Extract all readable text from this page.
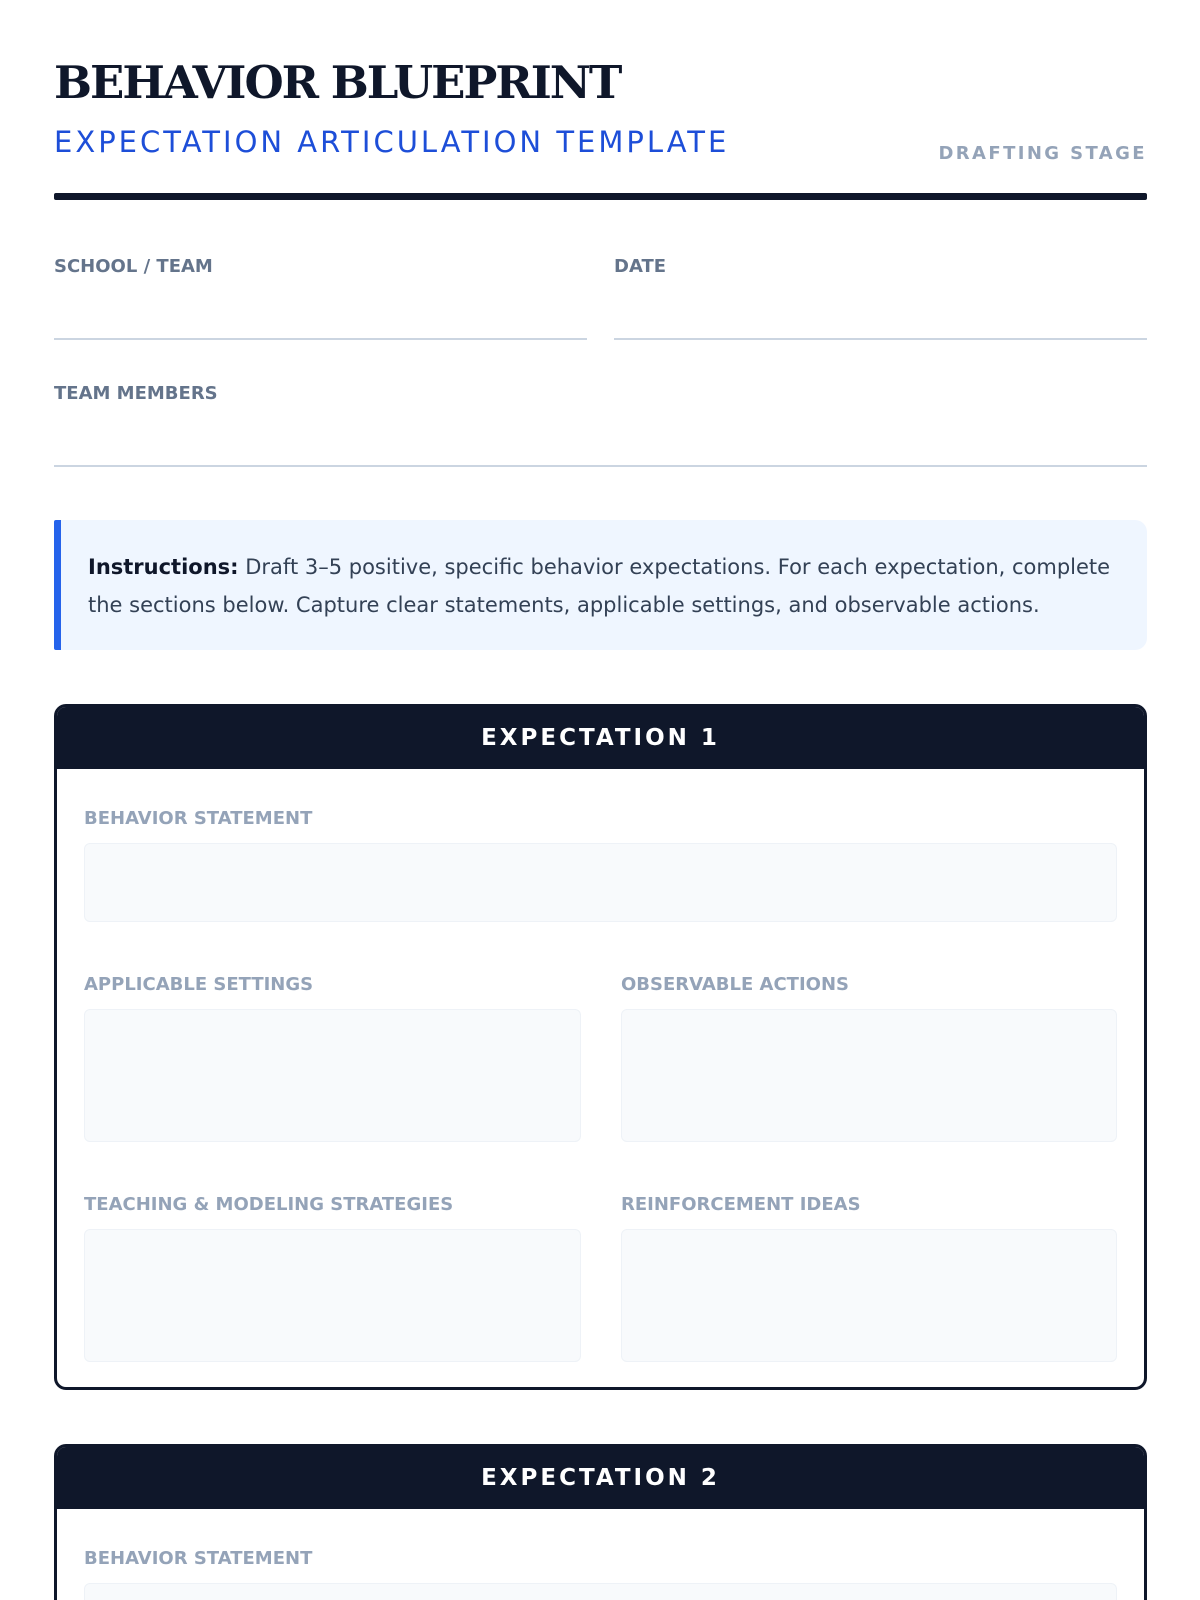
BEHAVIOR BLUEPRINT
EXPECTATION ARTICULATION TEMPLATE	DRAFTING STAGE
SCHOOL / TEAM	DATE
TEAM MEMBERS
Instructions: Draft 3–5 positive, specific behavior expectations. For each expectation, complete the sections below. Capture clear statements, applicable settings, and observable actions.
EXPECTATION 1
BEHAVIOR STATEMENT
APPLICABLE SETTINGS	OBSERVABLE ACTIONS
TEACHING & MODELING STRATEGIES	REINFORCEMENT IDEAS
EXPECTATION 2
BEHAVIOR STATEMENT
